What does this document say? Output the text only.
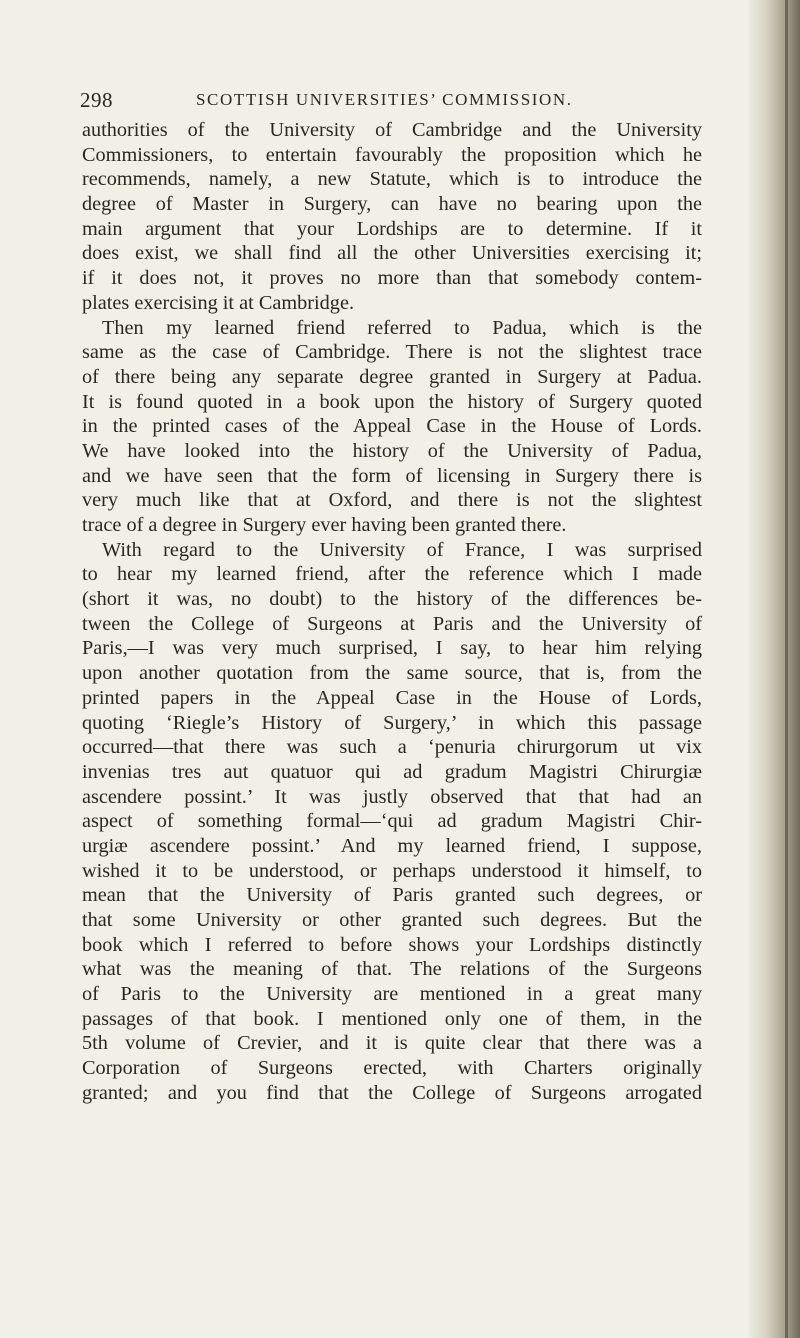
298	SCOTTISH UNIVERSITIES’ COMMISSION.
authorities of the University of Cambridge and the University
Commissioners, to entertain favourably the proposition which he
recommends, namely, a new Statute, which is to introduce the
degree of Master in Surgery, can have no bearing upon the
main argument that your Lordships are to determine. If it
does exist, we shall find all the other Universities exercising it;
if it does not, it proves no more than that somebody contem-
plates exercising it at Cambridge.
Then my learned friend referred to Padua, which is the
same as the case of Cambridge. There is not the slightest trace
of there being any separate degree granted in Surgery at Padua.
It is found quoted in a book upon the history of Surgery quoted
in the printed cases of the Appeal Case in the House of Lords.
We have looked into the history of the University of Padua,
and we have seen that the form of licensing in Surgery there is
very much like that at Oxford, and there is not the slightest
trace of a degree in Surgery ever having been granted there.
With regard to the University of France, I was surprised
to hear my learned friend, after the reference which I made
(short it was, no doubt) to the history of the differences be-
tween the College of Surgeons at Paris and the University of
Paris,—I was very much surprised, I say, to hear him relying
upon another quotation from the same source, that is, from the
printed papers in the Appeal Case in the House of Lords,
quoting ‘Riegle’s History of Surgery,’ in which this passage
occurred—that there was such a ‘penuria chirurgorum ut vix
invenias tres aut quatuor qui ad gradum Magistri Chirurgiæ
ascendere possint.’ It was justly observed that that had an
aspect of something formal—‘qui ad gradum Magistri Chir-
urgiæ ascendere possint.’ And my learned friend, I suppose,
wished it to be understood, or perhaps understood it himself, to
mean that the University of Paris granted such degrees, or
that some University or other granted such degrees. But the
book which I referred to before shows your Lordships distinctly
what was the meaning of that. The relations of the Surgeons
of Paris to the University are mentioned in a great many
passages of that book. I mentioned only one of them, in the
5th volume of Crevier, and it is quite clear that there was a
Corporation of Surgeons erected, with Charters originally
granted; and you find that the College of Surgeons arrogated
